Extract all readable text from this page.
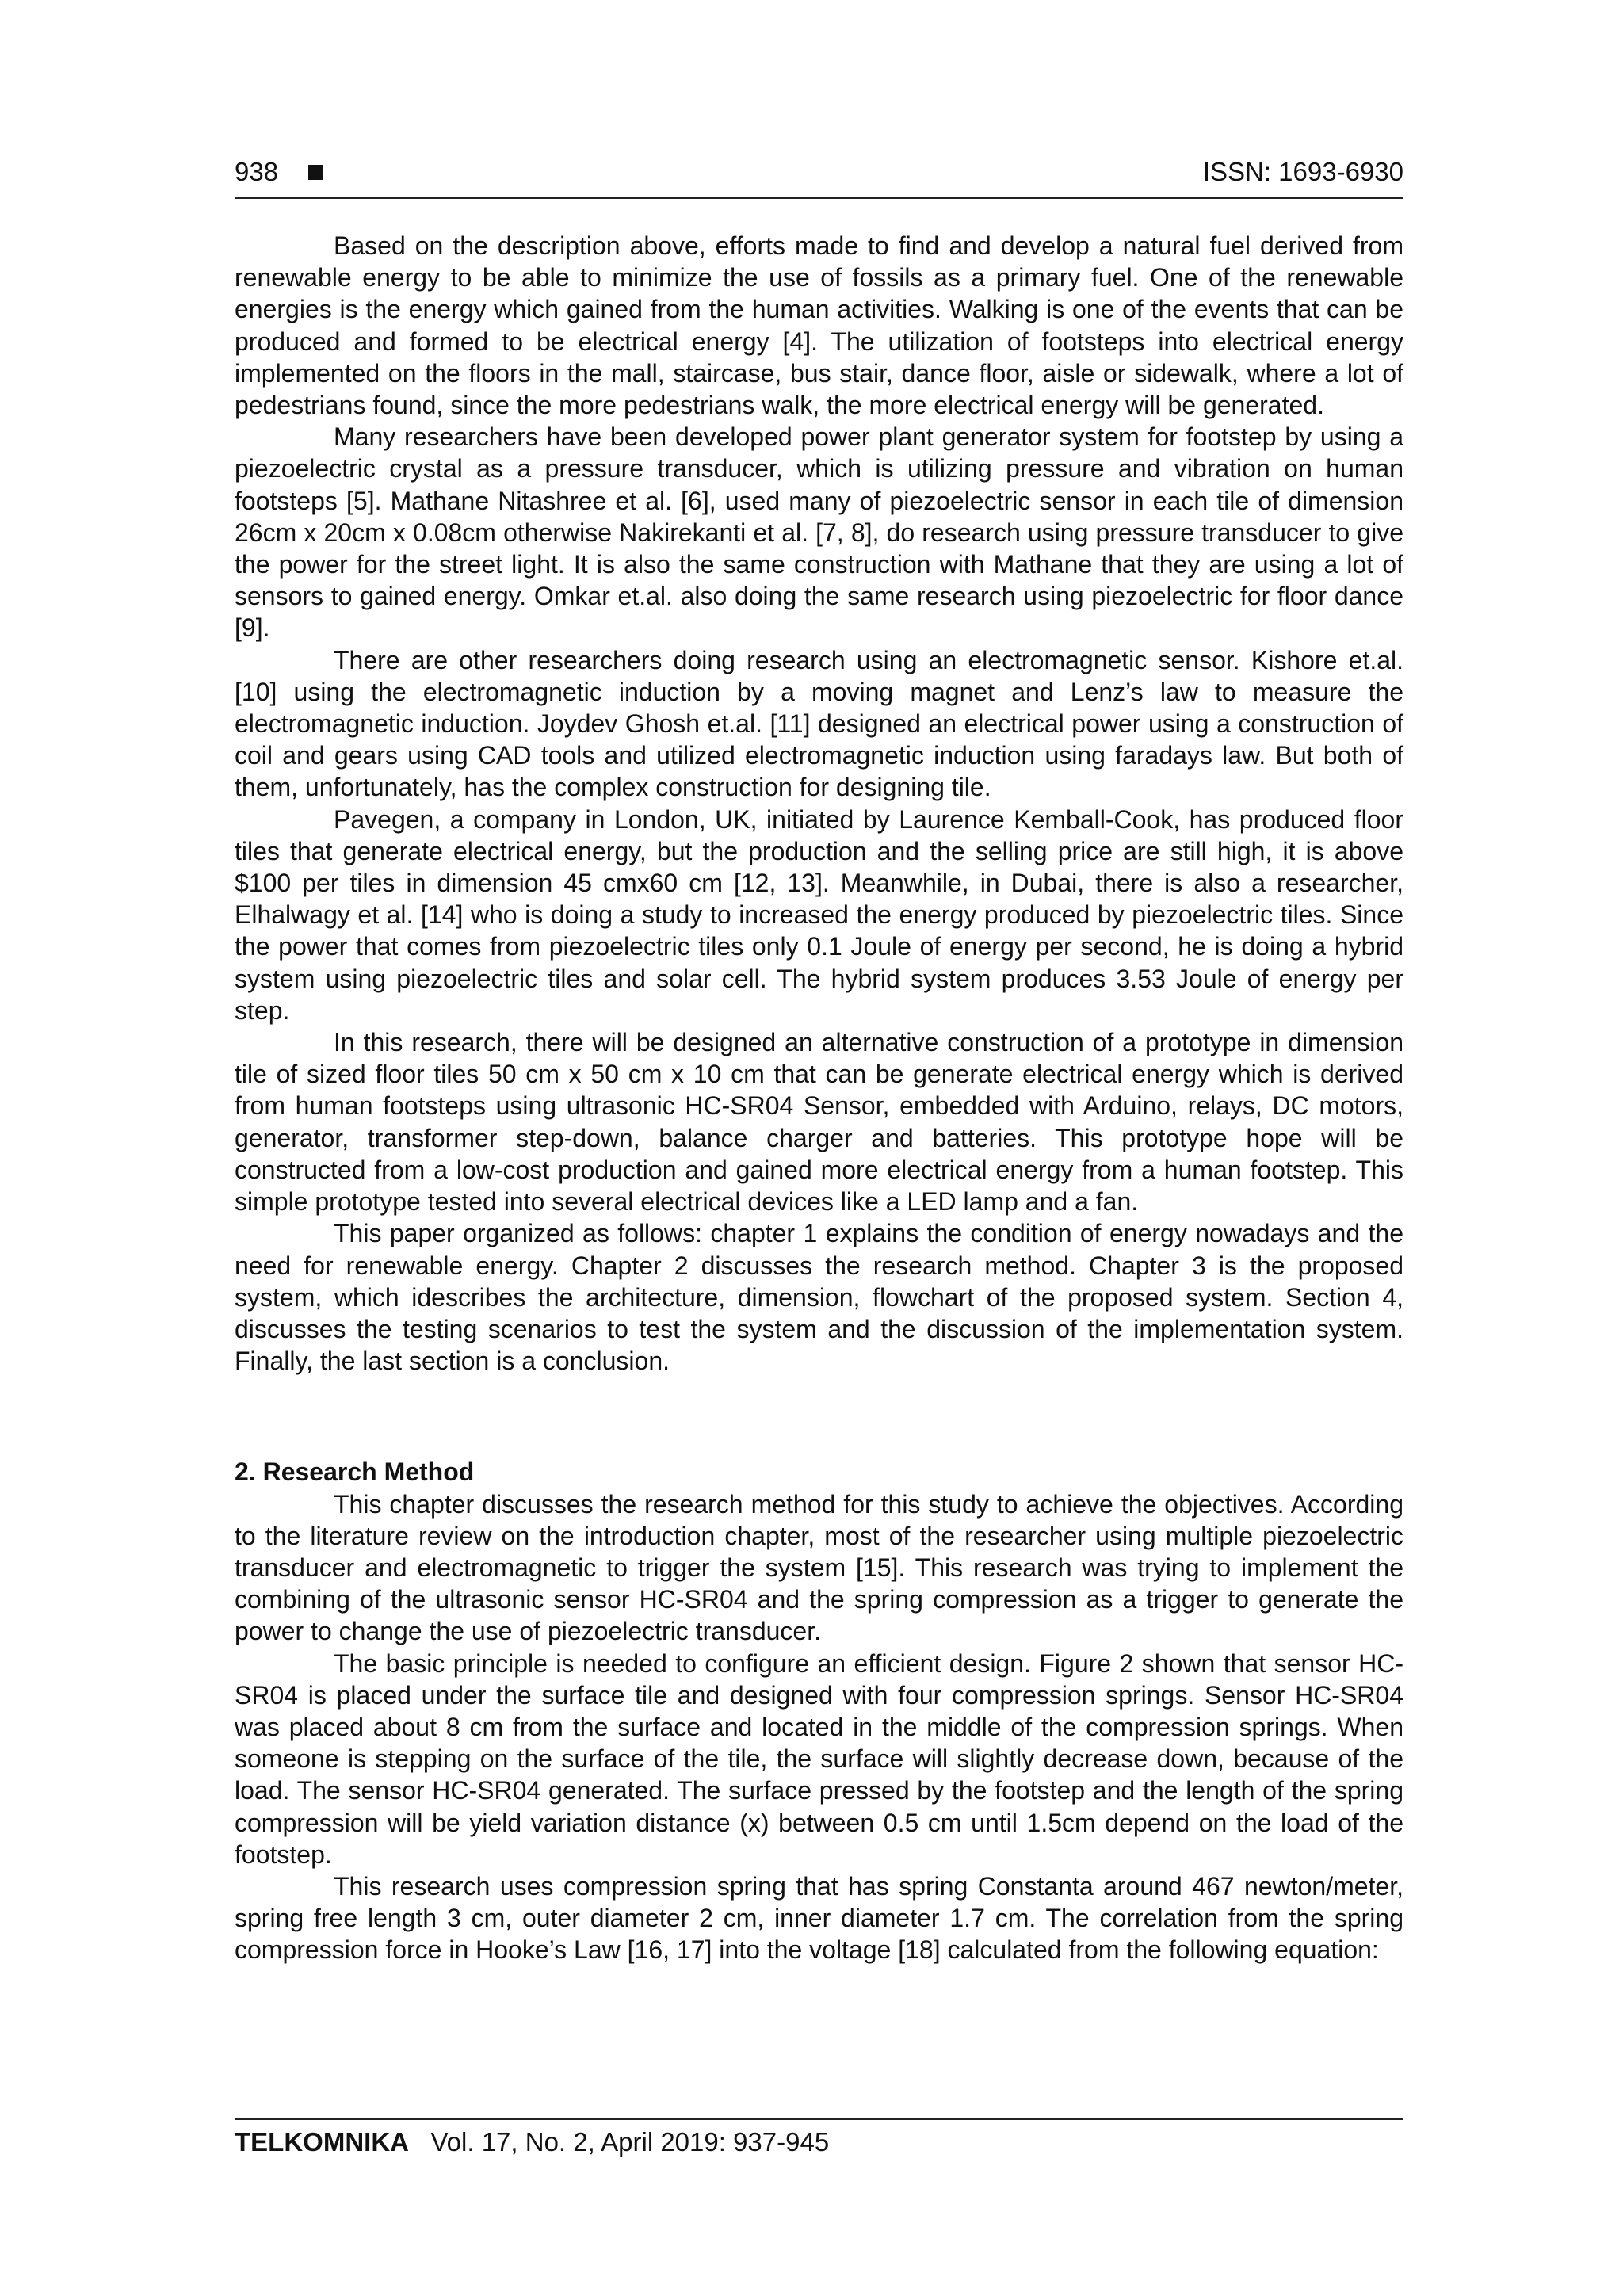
938	ISSN: 1693-6930

Based on the description above, efforts made to find and develop a natural fuel derived from renewable energy to be able to minimize the use of fossils as a primary fuel. One of the renewable energies is the energy which gained from the human activities. Walking is one of the events that can be produced and formed to be electrical energy [4]. The utilization of footsteps into electrical energy implemented on the floors in the mall, staircase, bus stair, dance floor, aisle or sidewalk, where a lot of pedestrians found, since the more pedestrians walk, the more electrical energy will be generated.

Many researchers have been developed power plant generator system for footstep by using a piezoelectric crystal as a pressure transducer, which is utilizing pressure and vibration on human footsteps [5]. Mathane Nitashree et al. [6], used many of piezoelectric sensor in each tile of dimension 26cm x 20cm x 0.08cm otherwise Nakirekanti et al. [7, 8], do research using pressure transducer to give the power for the street light. It is also the same construction with Mathane that they are using a lot of sensors to gained energy. Omkar et.al. also doing the same research using piezoelectric for floor dance [9].

There are other researchers doing research using an electromagnetic sensor. Kishore et.al. [10] using the electromagnetic induction by a moving magnet and Lenz’s law to measure the electromagnetic induction. Joydev Ghosh et.al. [11] designed an electrical power using a construction of coil and gears using CAD tools and utilized electromagnetic induction using faradays law. But both of them, unfortunately, has the complex construction for designing tile.

Pavegen, a company in London, UK, initiated by Laurence Kemball-Cook, has produced floor tiles that generate electrical energy, but the production and the selling price are still high, it is above $100 per tiles in dimension 45 cmx60 cm [12, 13]. Meanwhile, in Dubai, there is also a researcher, Elhalwagy et al. [14] who is doing a study to increased the energy produced by piezoelectric tiles. Since the power that comes from piezoelectric tiles only 0.1 Joule of energy per second, he is doing a hybrid system using piezoelectric tiles and solar cell. The hybrid system produces 3.53 Joule of energy per step.

In this research, there will be designed an alternative construction of a prototype in dimension tile of sized floor tiles 50 cm x 50 cm x 10 cm that can be generate electrical energy which is derived from human footsteps using ultrasonic HC-SR04 Sensor, embedded with Arduino, relays, DC motors, generator, transformer step-down, balance charger and batteries. This prototype hope will be constructed from a low-cost production and gained more electrical energy from a human footstep. This simple prototype tested into several electrical devices like a LED lamp and a fan.

This paper organized as follows: chapter 1 explains the condition of energy nowadays and the need for renewable energy. Chapter 2 discusses the research method. Chapter 3 is the proposed system, which idescribes the architecture, dimension, flowchart of the proposed system. Section 4, discusses the testing scenarios to test the system and the discussion of the implementation system. Finally, the last section is a conclusion.

2. Research Method

This chapter discusses the research method for this study to achieve the objectives. According to the literature review on the introduction chapter, most of the researcher using multiple piezoelectric transducer and electromagnetic to trigger the system [15]. This research was trying to implement the combining of the ultrasonic sensor HC-SR04 and the spring compression as a trigger to generate the power to change the use of piezoelectric transducer.

The basic principle is needed to configure an efficient design. Figure 2 shown that sensor HC-SR04 is placed under the surface tile and designed with four compression springs. Sensor HC-SR04 was placed about 8 cm from the surface and located in the middle of the compression springs. When someone is stepping on the surface of the tile, the surface will slightly decrease down, because of the load. The sensor HC-SR04 generated. The surface pressed by the footstep and the length of the spring compression will be yield variation distance (x) between 0.5 cm until 1.5cm depend on the load of the footstep.

This research uses compression spring that has spring Constanta around 467 newton/meter, spring free length 3 cm, outer diameter 2 cm, inner diameter 1.7 cm. The correlation from the spring compression force in Hooke’s Law [16, 17] into the voltage [18] calculated from the following equation:

TELKOMNIKA   Vol. 17, No. 2, April 2019: 937-945
